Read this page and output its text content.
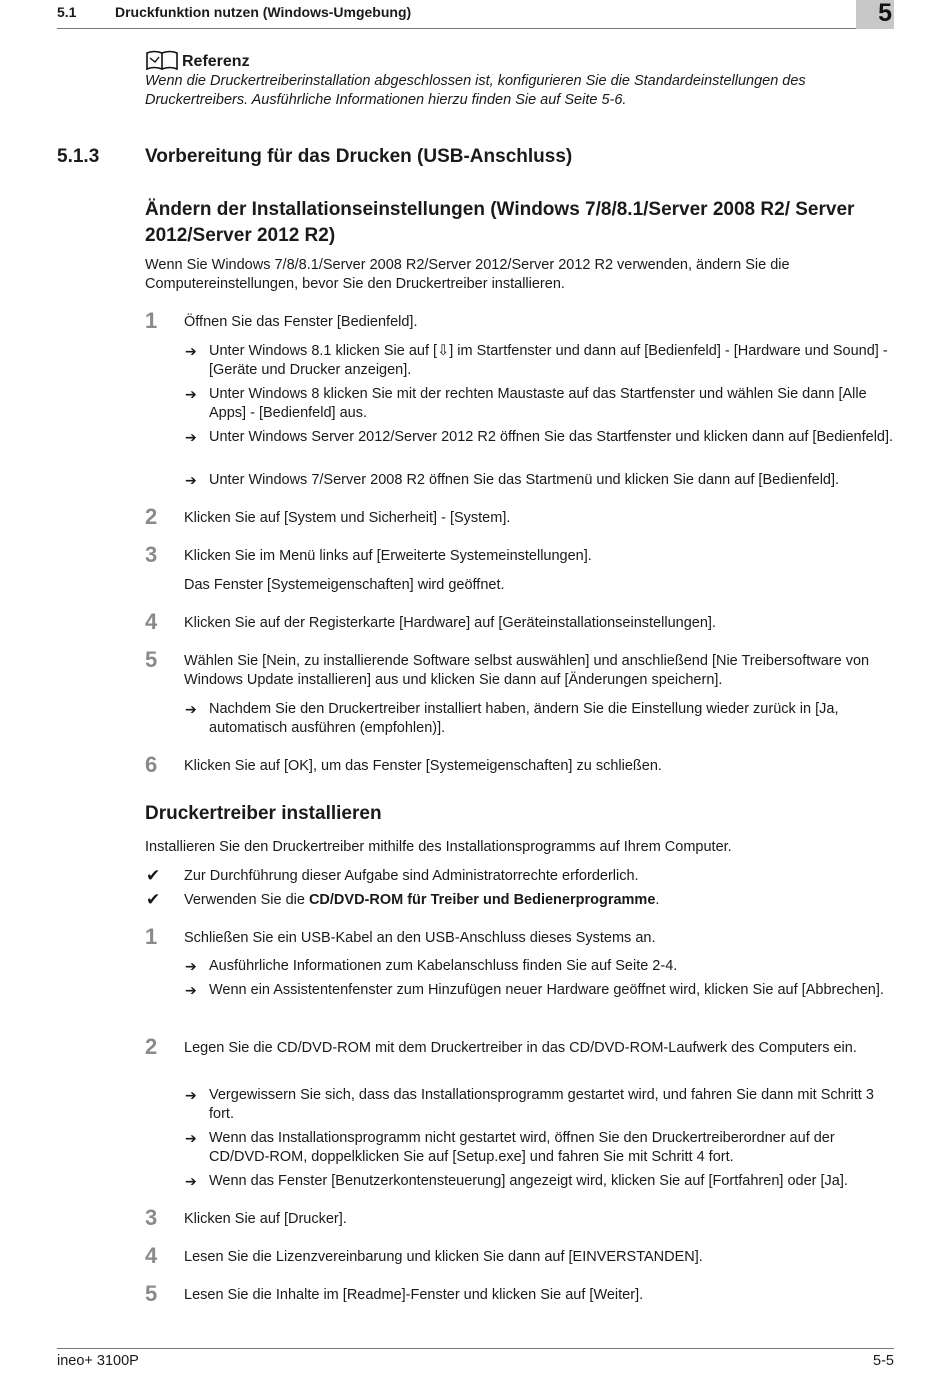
5.1	Druckfunktion nutzen (Windows-Umgebung)	5
Referenz
Wenn die Druckertreiberinstallation abgeschlossen ist, konfigurieren Sie die Standardeinstellungen des Druckertreibers. Ausführliche Informationen hierzu finden Sie auf Seite 5-6.
5.1.3 Vorbereitung für das Drucken (USB-Anschluss)
Ändern der Installationseinstellungen (Windows 7/8/8.1/Server 2008 R2/ Server 2012/Server 2012 R2)
Wenn Sie Windows 7/8/8.1/Server 2008 R2/Server 2012/Server 2012 R2 verwenden, ändern Sie die Computereinstellungen, bevor Sie den Druckertreiber installieren.
1 Öffnen Sie das Fenster [Bedienfeld].
➔ Unter Windows 8.1 klicken Sie auf [⇩] im Startfenster und dann auf [Bedienfeld] - [Hardware und Sound] - [Geräte und Drucker anzeigen].
➔ Unter Windows 8 klicken Sie mit der rechten Maustaste auf das Startfenster und wählen Sie dann [Alle Apps] - [Bedienfeld] aus.
➔ Unter Windows Server 2012/Server 2012 R2 öffnen Sie das Startfenster und klicken dann auf [Bedienfeld].
➔ Unter Windows 7/Server 2008 R2 öffnen Sie das Startmenü und klicken Sie dann auf [Bedienfeld].
2 Klicken Sie auf [System und Sicherheit] - [System].
3 Klicken Sie im Menü links auf [Erweiterte Systemeinstellungen].
Das Fenster [Systemeigenschaften] wird geöffnet.
4 Klicken Sie auf der Registerkarte [Hardware] auf [Geräteinstallationseinstellungen].
5 Wählen Sie [Nein, zu installierende Software selbst auswählen] und anschließend [Nie Treibersoftware von Windows Update installieren] aus und klicken Sie dann auf [Änderungen speichern].
➔ Nachdem Sie den Druckertreiber installiert haben, ändern Sie die Einstellung wieder zurück in [Ja, automatisch ausführen (empfohlen)].
6 Klicken Sie auf [OK], um das Fenster [Systemeigenschaften] zu schließen.
Druckertreiber installieren
Installieren Sie den Druckertreiber mithilfe des Installationsprogramms auf Ihrem Computer.
✔ Zur Durchführung dieser Aufgabe sind Administratorrechte erforderlich.
✔ Verwenden Sie die CD/DVD-ROM für Treiber und Bedienerprogramme.
1 Schließen Sie ein USB-Kabel an den USB-Anschluss dieses Systems an.
➔ Ausführliche Informationen zum Kabelanschluss finden Sie auf Seite 2-4.
➔ Wenn ein Assistentenfenster zum Hinzufügen neuer Hardware geöffnet wird, klicken Sie auf [Abbrechen].
2 Legen Sie die CD/DVD-ROM mit dem Druckertreiber in das CD/DVD-ROM-Laufwerk des Computers ein.
➔ Vergewissern Sie sich, dass das Installationsprogramm gestartet wird, und fahren Sie dann mit Schritt 3 fort.
➔ Wenn das Installationsprogramm nicht gestartet wird, öffnen Sie den Druckertreiberordner auf der CD/DVD-ROM, doppelklicken Sie auf [Setup.exe] und fahren Sie mit Schritt 4 fort.
➔ Wenn das Fenster [Benutzerkontensteuerung] angezeigt wird, klicken Sie auf [Fortfahren] oder [Ja].
3 Klicken Sie auf [Drucker].
4 Lesen Sie die Lizenzvereinbarung und klicken Sie dann auf [EINVERSTANDEN].
5 Lesen Sie die Inhalte im [Readme]-Fenster und klicken Sie auf [Weiter].
ineo+ 3100P	5-5
